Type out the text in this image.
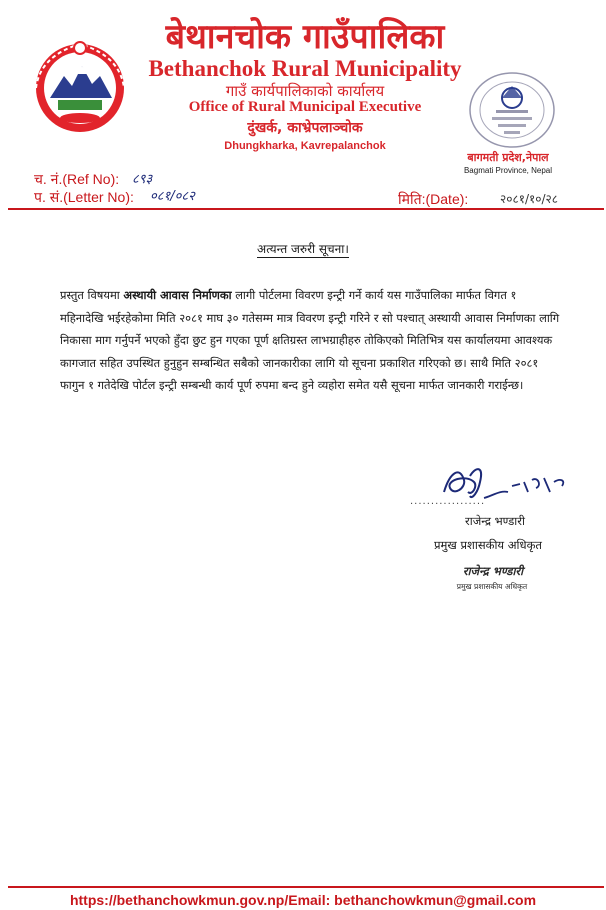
बेथानचोक गाउँपालिका
Bethanchok Rural Municipality
गाउँ कार्यपालिकाको कार्यालय
Office of Rural Municipal Executive
दुंखर्क, काभ्रेपलाञ्चोक
Dhungkharka, Kavrepalanchok
बागमती प्रदेश,नेपाल
Bagmati Province, Nepal
च. नं.(Ref No): ८९३
प. सं.(Letter No): ०८१/०८२	मिति:(Date):	२०८१/१०/२८
अत्यन्त जरुरी सूचना।
प्रस्तुत विषयमा अस्थायी आवास निर्माणका लागी पोर्टलमा विवरण इन्ट्री गर्ने कार्य यस गाउँपालिका मार्फत विगत १ महिनादेखि भईरहेकोमा मिति २०८१ माघ ३० गतेसम्म मात्र विवरण इन्ट्री गरिने र सो पश्चात् अस्थायी आवास निर्माणका लागि निकासा माग गर्नुपर्ने भएको हुँदा छुट हुन गएका पूर्ण क्षतिग्रस्त लाभग्राहीहरु तोकिएको मितिभित्र यस कार्यालयमा आवश्यक कागजात सहित उपस्थित हुनुहुन सम्बन्धित सबैको जानकारीका लागि यो सूचना प्रकाशित गरिएको छ। साथै मिति २०८१ फागुन १ गतेदेखि पोर्टल इन्ट्री सम्बन्धी कार्य पूर्ण रुपमा बन्द हुने व्यहोरा समेत यसै सूचना मार्फत जानकारी गराईन्छ।
..................
राजेन्द्र भण्डारी
प्रमुख प्रशासकीय अधिकृत
राजेन्द्र भण्डारी
प्रमुख प्रशासकीय अधिकृत
https://bethanchowkmun.gov.np/Email: bethanchowkmun@gmail.com
